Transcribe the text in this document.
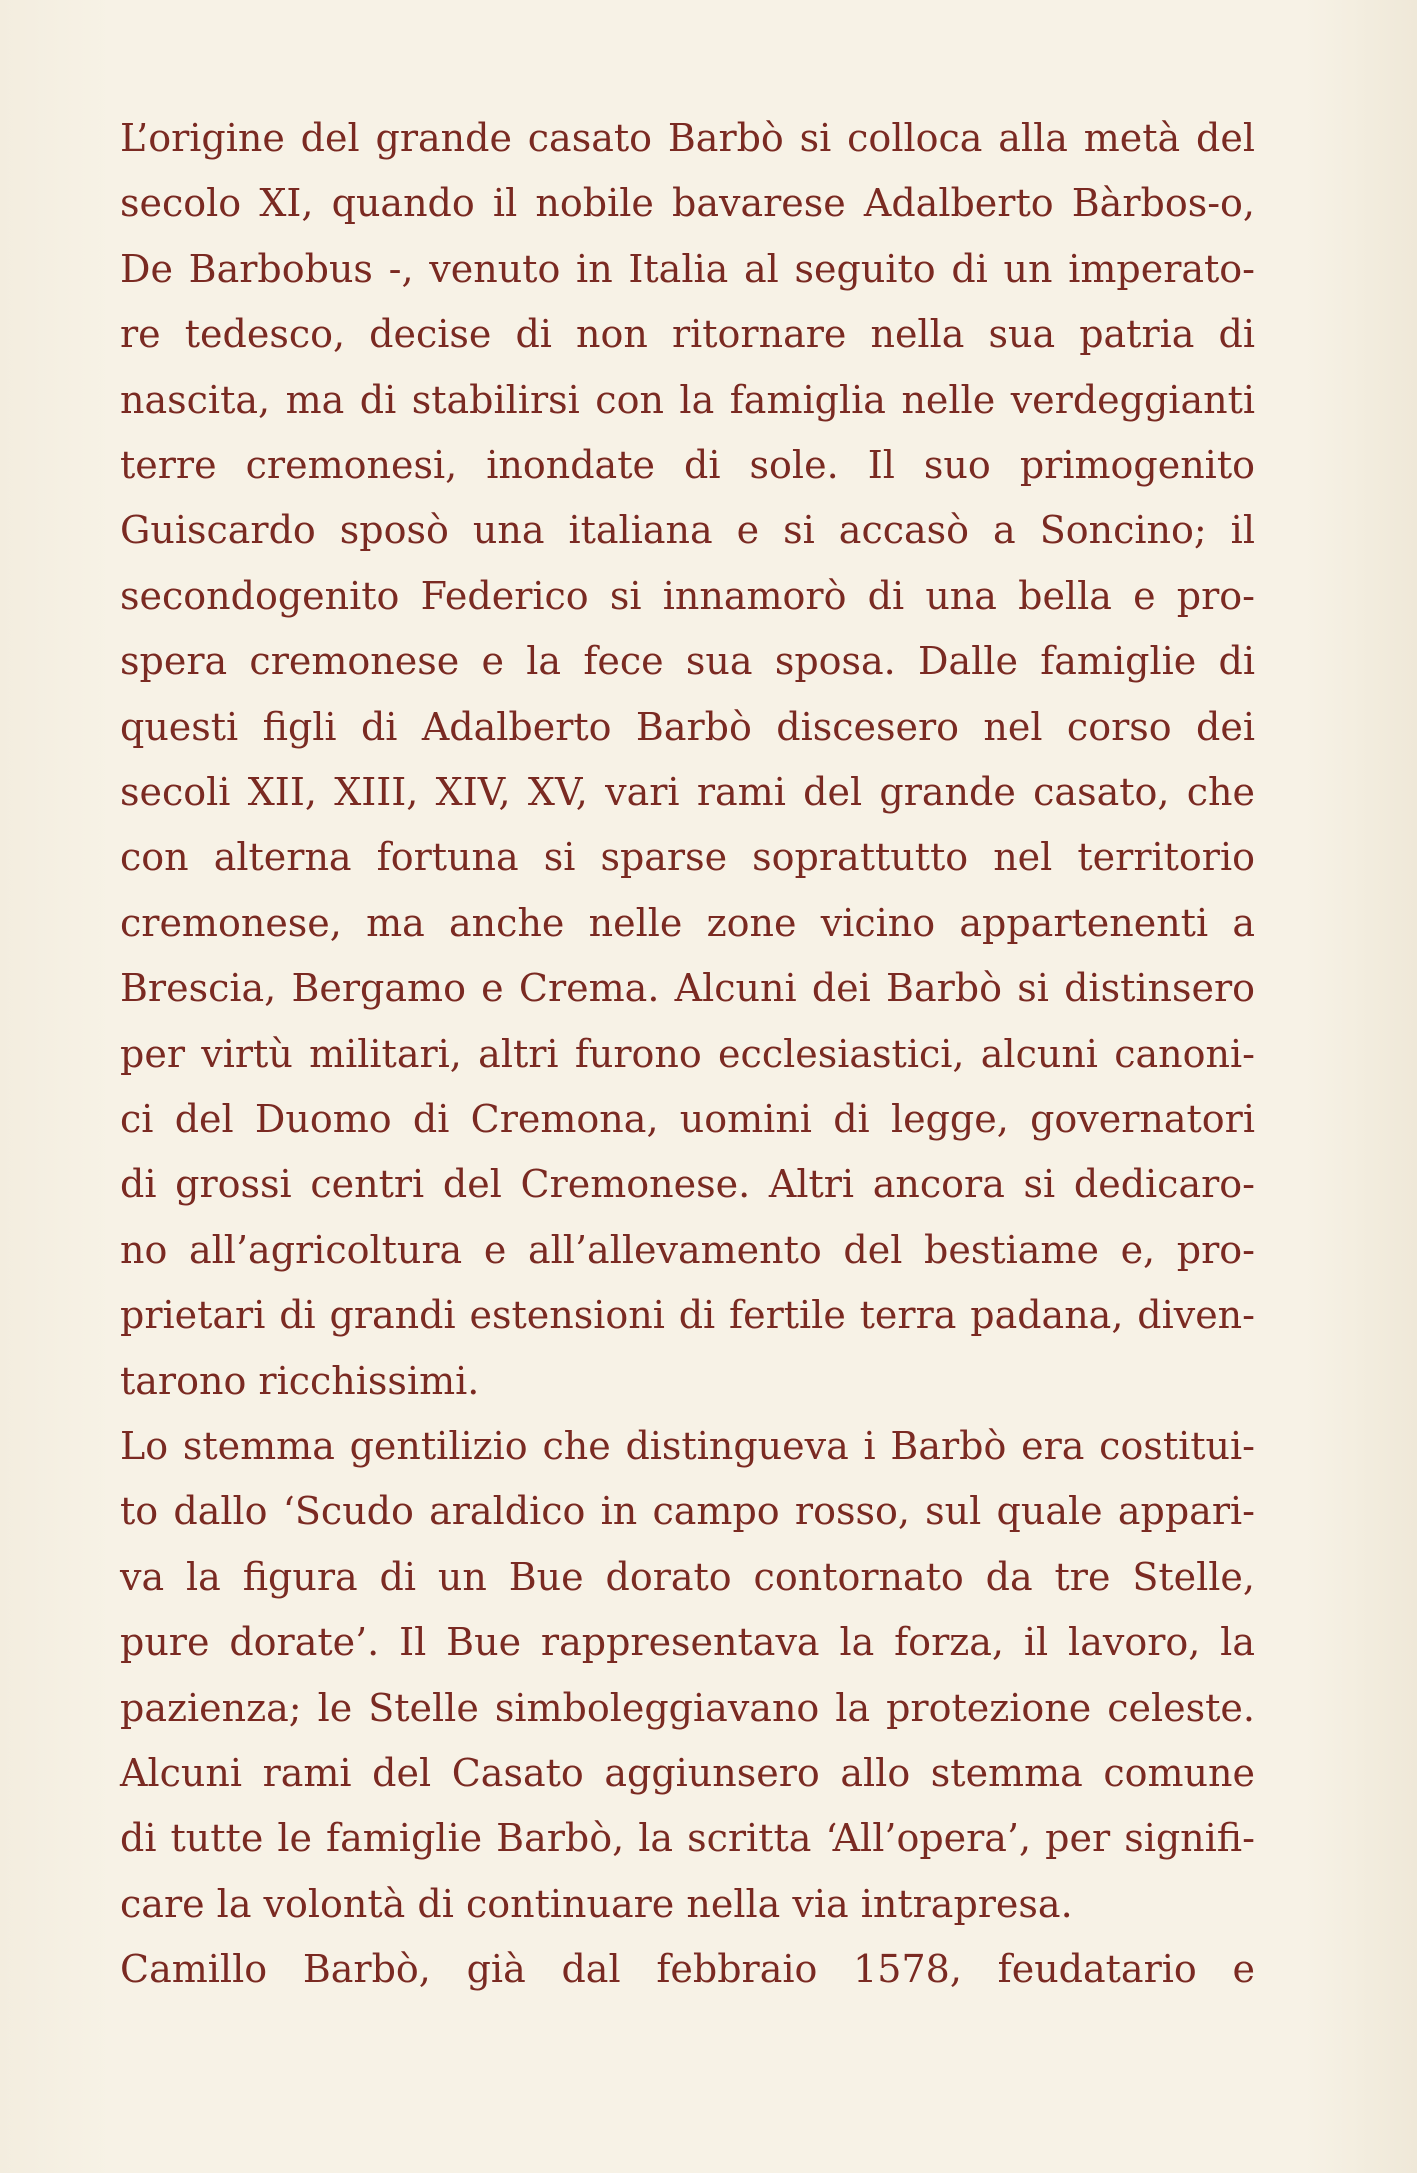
L’origine del grande casato Barbò si colloca alla metà del
secolo XI, quando il nobile bavarese Adalberto Bàrbos-o,
De Barbobus -, venuto in Italia al seguito di un imperato-
re tedesco, decise di non ritornare nella sua patria di
nascita, ma di stabilirsi con la famiglia nelle verdeggianti
terre cremonesi, inondate di sole. Il suo primogenito
Guiscardo sposò una italiana e si accasò a Soncino; il
secondogenito Federico si innamorò di una bella e pro-
spera cremonese e la fece sua sposa. Dalle famiglie di
questi figli di Adalberto Barbò discesero nel corso dei
secoli XII, XIII, XIV, XV, vari rami del grande casato, che
con alterna fortuna si sparse soprattutto nel territorio
cremonese, ma anche nelle zone vicino appartenenti a
Brescia, Bergamo e Crema. Alcuni dei Barbò si distinsero
per virtù militari, altri furono ecclesiastici, alcuni canoni-
ci del Duomo di Cremona, uomini di legge, governatori
di grossi centri del Cremonese. Altri ancora si dedicaro-
no all’agricoltura e all’allevamento del bestiame e, pro-
prietari di grandi estensioni di fertile terra padana, diven-
tarono ricchissimi.
Lo stemma gentilizio che distingueva i Barbò era costitui-
to dallo ‘Scudo araldico in campo rosso, sul quale appari-
va la figura di un Bue dorato contornato da tre Stelle,
pure dorate’. Il Bue rappresentava la forza, il lavoro, la
pazienza; le Stelle simboleggiavano la protezione celeste.
Alcuni rami del Casato aggiunsero allo stemma comune
di tutte le famiglie Barbò, la scritta ‘All’opera’, per signifi-
care la volontà di continuare nella via intrapresa.
Camillo Barbò, già dal febbraio 1578, feudatario e
